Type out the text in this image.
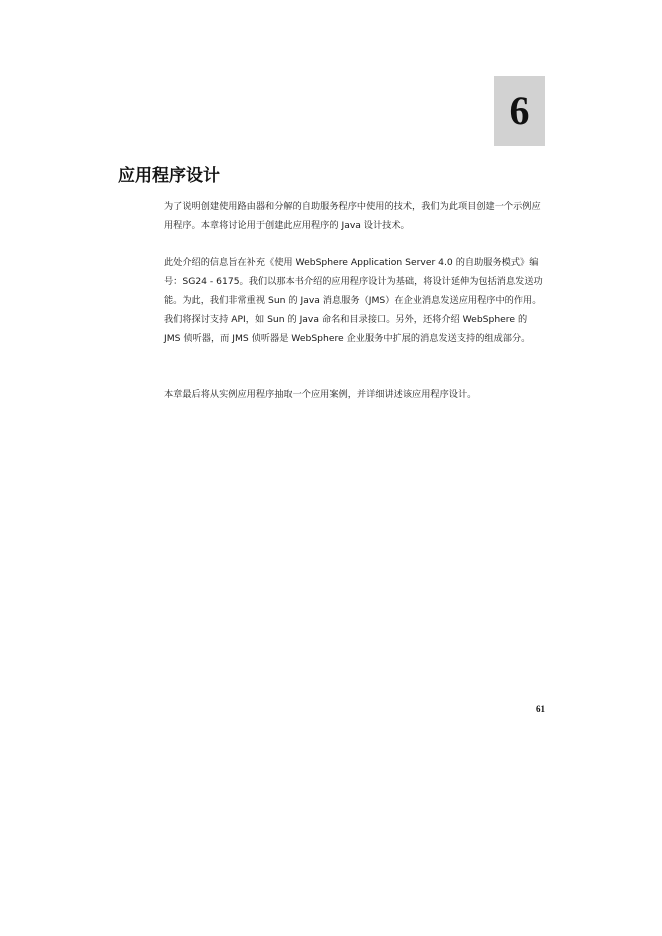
6
应用程序设计

为了说明创建使用路由器和分解的自助服务程序中使用的技术，我们为此项目创建一个示例应用程序。本章将讨论用于创建此应用程序的 Java 设计技术。

此处介绍的信息旨在补充《使用 WebSphere Application Server 4.0 的自助服务模式》编号：SG24 - 6175。我们以那本书介绍的应用程序设计为基础，将设计延伸为包括消息发送功能。为此，我们非常重视 Sun 的 Java 消息服务（JMS）在企业消息发送应用程序中的作用。我们将探讨支持 API，如 Sun 的 Java 命名和目录接口。另外，还将介绍 WebSphere 的 JMS 侦听器，而 JMS 侦听器是 WebSphere 企业服务中扩展的消息发送支持的组成部分。

本章最后将从实例应用程序抽取一个应用案例，并详细讲述该应用程序设计。

61
